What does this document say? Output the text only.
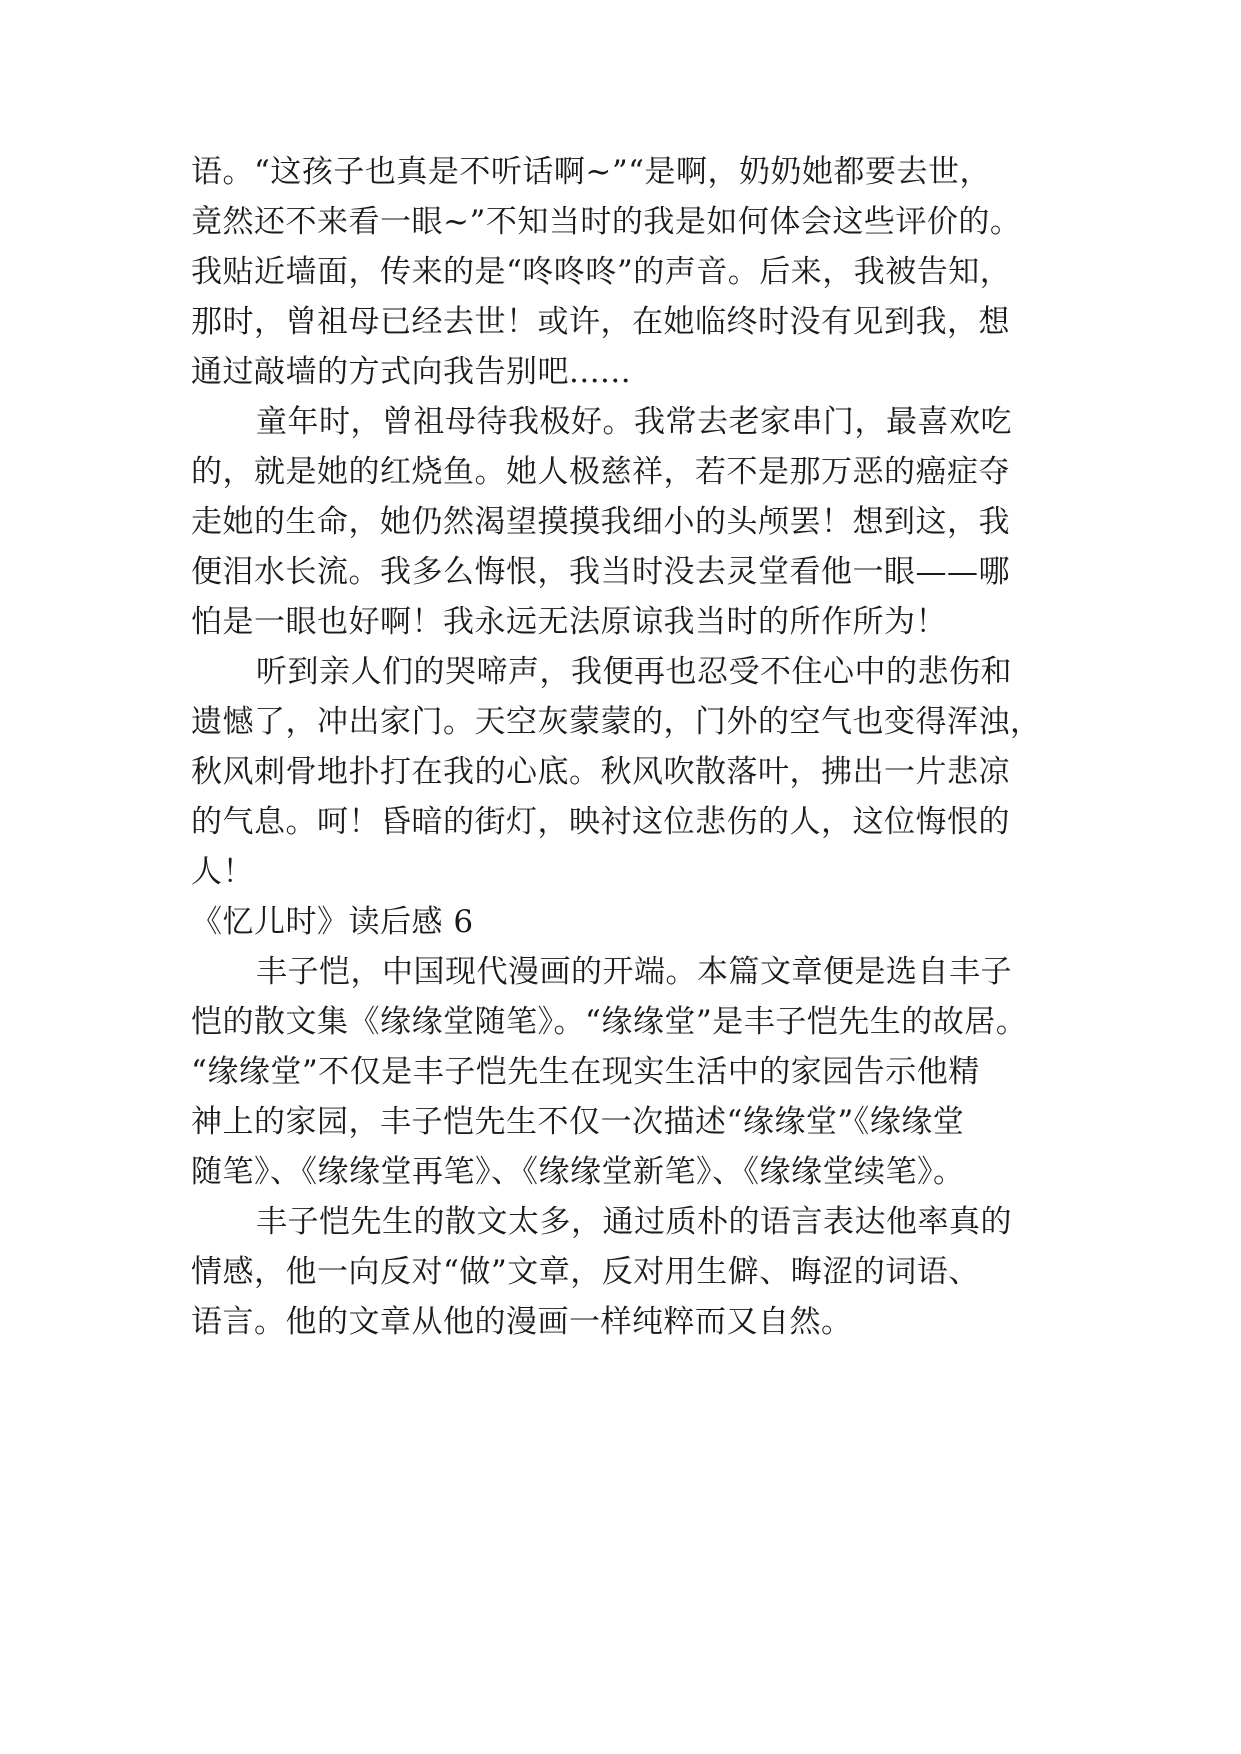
语。“这孩子也真是不听话啊~”“是啊，奶奶她都要去世，
竟然还不来看一眼~”不知当时的我是如何体会这些评价的。
我贴近墙面，传来的是“咚咚咚”的声音。后来，我被告知，
那时，曾祖母已经去世！或许，在她临终时没有见到我，想
通过敲墙的方式向我告别吧......
童年时，曾祖母待我极好。我常去老家串门，最喜欢吃
的，就是她的红烧鱼。她人极慈祥，若不是那万恶的癌症夺
走她的生命，她仍然渴望摸摸我细小的头颅罢！想到这，我
便泪水长流。我多么悔恨，我当时没去灵堂看他一眼——哪
怕是一眼也好啊！我永远无法原谅我当时的所作所为！
听到亲人们的哭啼声，我便再也忍受不住心中的悲伤和
遗憾了，冲出家门。天空灰蒙蒙的，门外的空气也变得浑浊，
秋风刺骨地扑打在我的心底。秋风吹散落叶，拂出一片悲凉
的气息。呵！昏暗的街灯，映衬这位悲伤的人，这位悔恨的
人！
《忆儿时》读后感 6
丰子恺，中国现代漫画的开端。本篇文章便是选自丰子
恺的散文集《缘缘堂随笔》。“缘缘堂”是丰子恺先生的故居。
“缘缘堂”不仅是丰子恺先生在现实生活中的家园告示他精
神上的家园，丰子恺先生不仅一次描述“缘缘堂”《缘缘堂
随笔》、《缘缘堂再笔》、《缘缘堂新笔》、《缘缘堂续笔》。
丰子恺先生的散文太多，通过质朴的语言表达他率真的
情感，他一向反对“做”文章，反对用生僻、晦涩的词语、
语言。他的文章从他的漫画一样纯粹而又自然。
